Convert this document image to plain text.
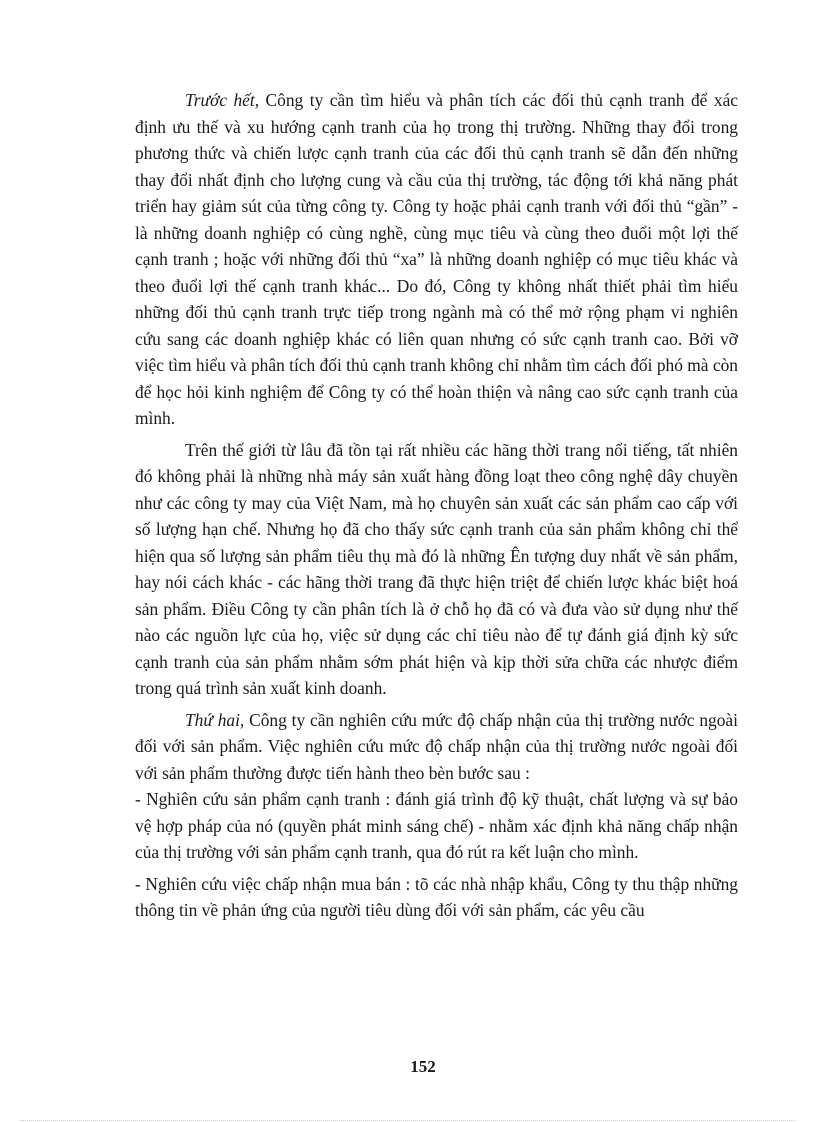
Trước hết, Công ty cần tìm hiểu và phân tích các đối thủ cạnh tranh để xác định ưu thế và xu hướng cạnh tranh của họ trong thị trường. Những thay đổi trong phương thức và chiến lược cạnh tranh của các đối thủ cạnh tranh sẽ dẫn đến những thay đổi nhất định cho lượng cung và cầu của thị trường, tác động tới khả năng phát triển hay giảm sút của từng công ty. Công ty hoặc phải cạnh tranh với đối thủ “gần” - là những doanh nghiệp có cùng nghề, cùng mục tiêu và cùng theo đuổi một lợi thế cạnh tranh ; hoặc với những đối thủ “xa” là những doanh nghiệp có mục tiêu khác và theo đuổi lợi thế cạnh tranh khác... Do đó, Công ty không nhất thiết phải tìm hiểu những đối thủ cạnh tranh trực tiếp trong ngành mà có thể mở rộng phạm vi nghiên cứu sang các doanh nghiệp khác có liên quan nhưng có sức cạnh tranh cao. Bởi vỡ việc tìm hiểu và phân tích đối thủ cạnh tranh không chỉ nhằm tìm cách đối phó mà còn để học hỏi kinh nghiệm để Công ty có thể hoàn thiện và nâng cao sức cạnh tranh của mình.

Trên thế giới từ lâu đã tồn tại rất nhiều các hãng thời trang nổi tiếng, tất nhiên đó không phải là những nhà máy sản xuất hàng đồng loạt theo công nghệ dây chuyền như các công ty may của Việt Nam, mà họ chuyên sản xuất các sản phẩm cao cấp với số lượng hạn chế. Nhưng họ đã cho thấy sức cạnh tranh của sản phẩm không chỉ thể hiện qua số lượng sản phẩm tiêu thụ mà đó là những Ên tượng duy nhất về sản phẩm, hay nói cách khác - các hãng thời trang đã thực hiện triệt để chiến lược khác biệt hoá sản phẩm. Điều Công ty cần phân tích là ở chỗ họ đã có và đưa vào sử dụng như thế nào các nguồn lực của họ, việc sử dụng các chỉ tiêu nào để tự đánh giá định kỳ sức cạnh tranh của sản phẩm nhằm sớm phát hiện và kịp thời sửa chữa các nhược điểm trong quá trình sản xuất kinh doanh.

Thứ hai, Công ty cần nghiên cứu mức độ chấp nhận của thị trường nước ngoài đối với sản phẩm. Việc nghiên cứu mức độ chấp nhận của thị trường nước ngoài đối với sản phẩm thường được tiến hành theo bèn bước sau :

- Nghiên cứu sản phẩm cạnh tranh : đánh giá trình độ kỹ thuật, chất lượng và sự bảo vệ hợp pháp của nó (quyền phát minh sáng chế) - nhằm xác định khả năng chấp nhận của thị trường với sản phẩm cạnh tranh, qua đó rút ra kết luận cho mình.

- Nghiên cứu việc chấp nhận mua bán : tõ các nhà nhập khẩu, Công ty thu thập những thông tin về phản ứng của người tiêu dùng đối với sản phẩm, các yêu cầu

152
